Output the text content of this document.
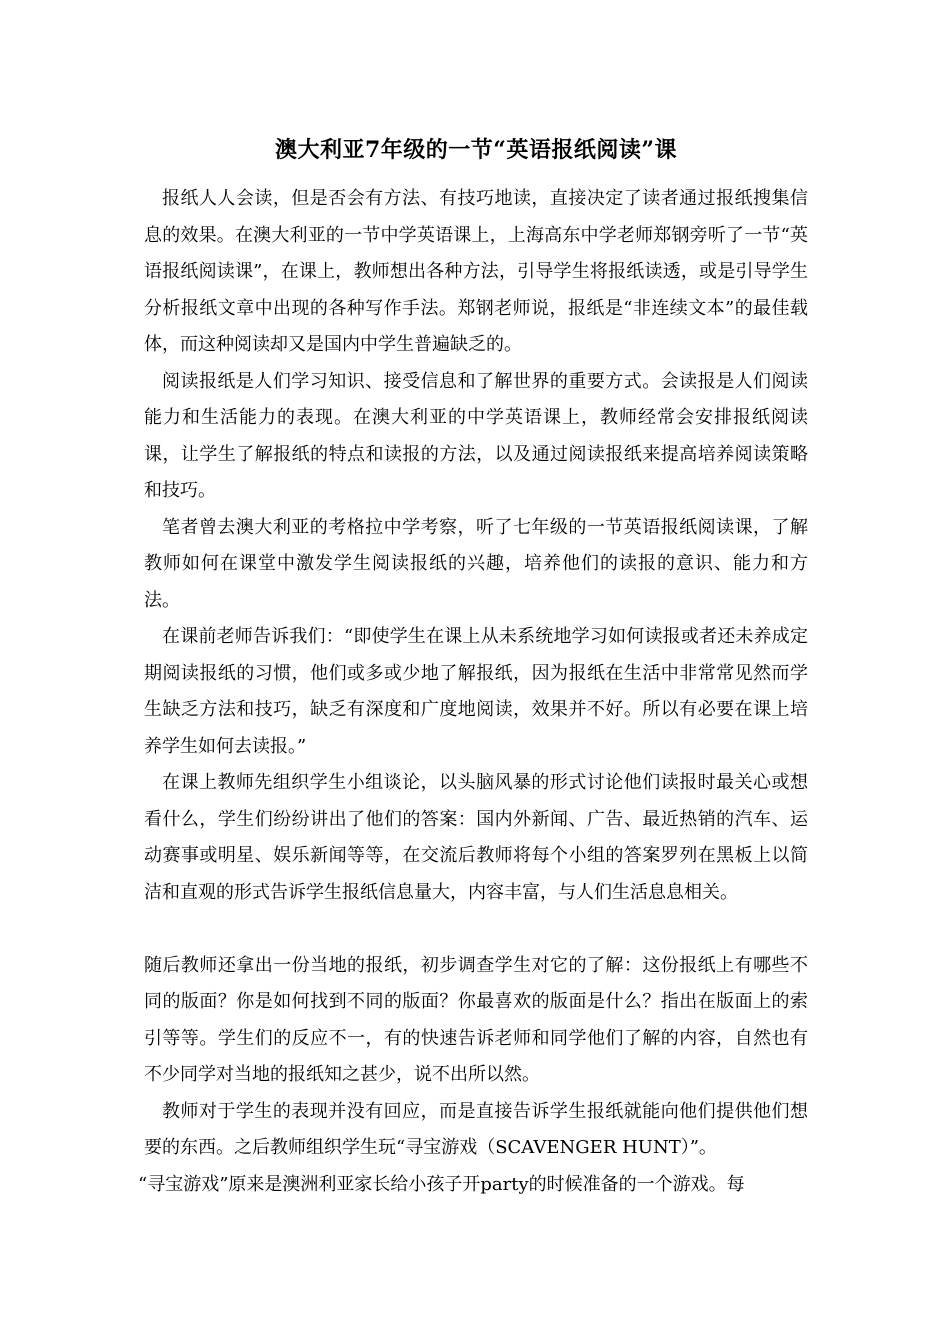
澳大利亚7年级的一节“英语报纸阅读”课

报纸人人会读，但是否会有方法、有技巧地读，直接决定了读者通过报纸搜集信息的效果。在澳大利亚的一节中学英语课上，上海高东中学老师郑钢旁听了一节“英语报纸阅读课”，在课上，教师想出各种方法，引导学生将报纸读透，或是引导学生分析报纸文章中出现的各种写作手法。郑钢老师说，报纸是“非连续文本”的最佳载体，而这种阅读却又是国内中学生普遍缺乏的。

阅读报纸是人们学习知识、接受信息和了解世界的重要方式。会读报是人们阅读能力和生活能力的表现。在澳大利亚的中学英语课上，教师经常会安排报纸阅读课，让学生了解报纸的特点和读报的方法，以及通过阅读报纸来提高培养阅读策略和技巧。

笔者曾去澳大利亚的考格拉中学考察，听了七年级的一节英语报纸阅读课，了解教师如何在课堂中激发学生阅读报纸的兴趣，培养他们的读报的意识、能力和方法。

在课前老师告诉我们：“即使学生在课上从未系统地学习如何读报或者还未养成定期阅读报纸的习惯，他们或多或少地了解报纸，因为报纸在生活中非常常见然而学生缺乏方法和技巧，缺乏有深度和广度地阅读，效果并不好。所以有必要在课上培养学生如何去读报。”

在课上教师先组织学生小组谈论，以头脑风暴的形式讨论他们读报时最关心或想看什么，学生们纷纷讲出了他们的答案：国内外新闻、广告、最近热销的汽车、运动赛事或明星、娱乐新闻等等，在交流后教师将每个小组的答案罗列在黑板上以简洁和直观的形式告诉学生报纸信息量大，内容丰富，与人们生活息息相关。

随后教师还拿出一份当地的报纸，初步调查学生对它的了解：这份报纸上有哪些不同的版面？你是如何找到不同的版面？你最喜欢的版面是什么？指出在版面上的索引等等。学生们的反应不一，有的快速告诉老师和同学他们了解的内容，自然也有不少同学对当地的报纸知之甚少，说不出所以然。

教师对于学生的表现并没有回应，而是直接告诉学生报纸就能向他们提供他们想要的东西。之后教师组织学生玩“寻宝游戏（SCAVENGER HUNT）”。

“寻宝游戏”原来是澳洲利亚家长给小孩子开party的时候准备的一个游戏。每
